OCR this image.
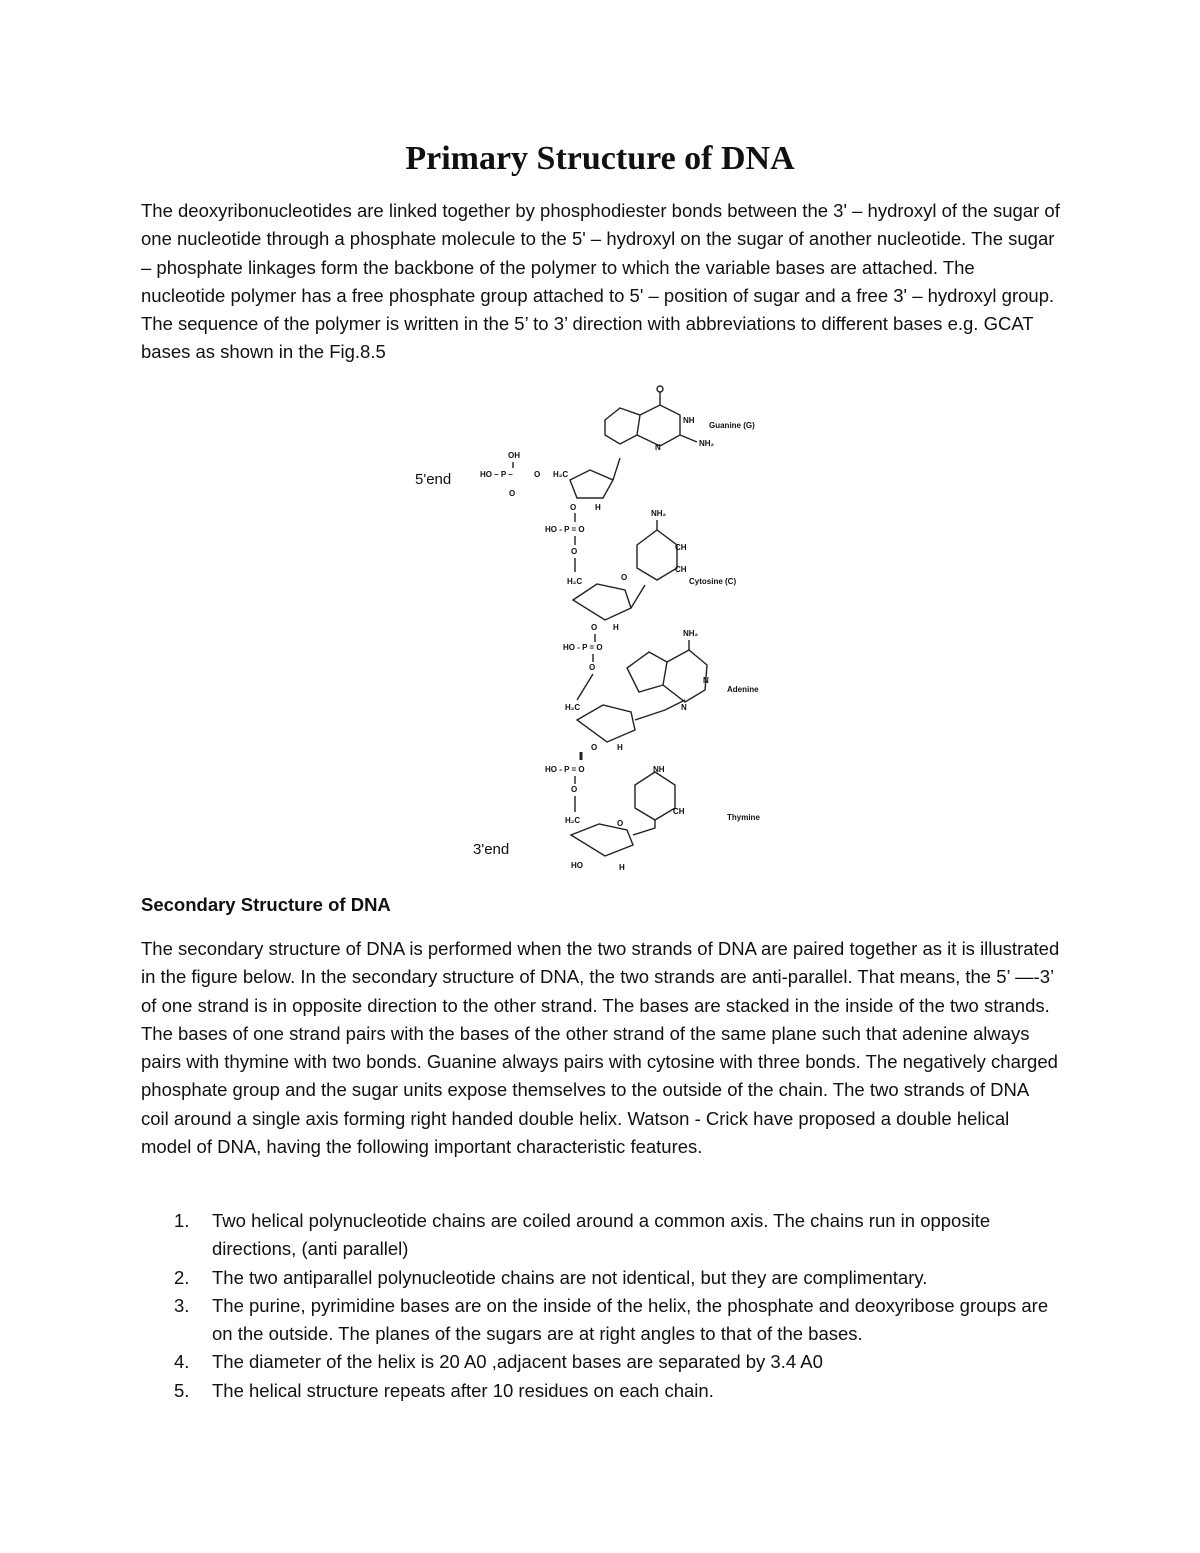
Primary Structure of DNA

The deoxyribonucleotides are linked together by phosphodiester bonds between the 3' – hydroxyl of the sugar of one nucleotide through a phosphate molecule to the 5' – hydroxyl on the sugar of another nucleotide. The sugar – phosphate linkages form the backbone of the polymer to which the variable bases are attached. The nucleotide polymer has a free phosphate group attached to 5' – position of sugar and a free 3' – hydroxyl group. The sequence of the polymer is written in the 5’ to 3’ direction with abbreviations to different bases e.g. GCAT bases as shown in the Fig.8.5

5'end
3'end
OH
HO – P –
O
O H₂C
O H
NH
N	NH₂
Guanine (G)
HO - P = O
O
H₂C
O H
NH₂
CH
CH
O	Cytosine (C)
HO - P = O
O
H₂C
O H
NH₂
N
N
Adenine
HO - P = O
O
H₂C
HO	H
NH
CH
O
Thymine
Secondary Structure of DNA

The secondary structure of DNA is performed when the two strands of DNA are paired together as it is illustrated in the figure below. In the secondary structure of DNA, the two strands are anti-parallel. That means, the 5’ —-3’ of one strand is in opposite direction to the other strand. The bases are stacked in the inside of the two strands. The bases of one strand pairs with the bases of the other strand of the same plane such that adenine always pairs with thymine with two bonds. Guanine always pairs with cytosine with three bonds. The negatively charged phosphate group and the sugar units expose themselves to the outside of the chain. The two strands of DNA coil around a single axis forming right handed double helix. Watson - Crick have proposed a double helical model of DNA, having the following important characteristic features.

1. Two helical polynucleotide chains are coiled around a common axis. The chains run in opposite directions, (anti parallel)
2. The two antiparallel polynucleotide chains are not identical, but they are complimentary.
3. The purine, pyrimidine bases are on the inside of the helix, the phosphate and deoxyribose groups are on the outside. The planes of the sugars are at right angles to that of the bases.
4. The diameter of the helix is 20 A0 ,adjacent bases are separated by 3.4 A0
5. The helical structure repeats after 10 residues on each chain.
